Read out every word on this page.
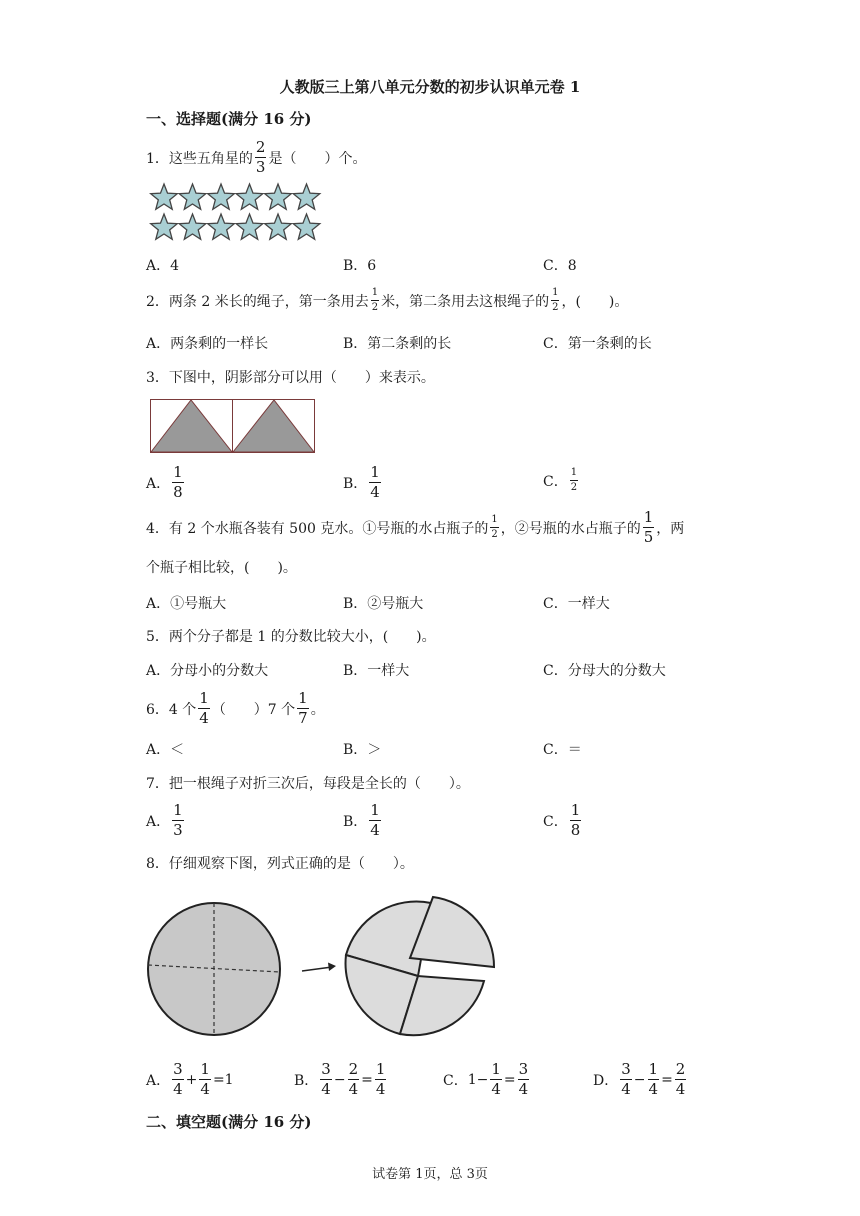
人教版三上第八单元分数的初步认识单元卷 1
一、选择题(满分 16 分)
1．这些五角星的 $\frac{2}{3}$ 是（　　）个。
A．4	B．6	C．8
2．两条 2 米长的绳子，第一条用去 $\frac{1}{2}$ 米，第二条用去这根绳子的 $\frac{1}{2}$ ，(　　)。
A．两条剩的一样长	B．第二条剩的长	C．第一条剩的长
3．下图中，阴影部分可以用（　　）来表示。
A． $\frac{1}{8}$	B． $\frac{1}{4}$	C． $\frac{1}{2}$
4．有 2 个水瓶各装有 500 克水。①号瓶的水占瓶子的 $\frac{1}{2}$ ，②号瓶的水占瓶子的 $\frac{1}{5}$ ，两
个瓶子相比较，(　　)。
A．①号瓶大	B．②号瓶大	C．一样大
5．两个分子都是 1 的分数比较大小，(　　)。
A．分母小的分数大	B．一样大	C．分母大的分数大
6．4 个 $\frac{1}{4}$ （　　）7 个 $\frac{1}{7}$ 。
A．＜	B．＞	C．＝
7．把一根绳子对折三次后，每段是全长的（　　）。
A． $\frac{1}{3}$	B． $\frac{1}{4}$	C． $\frac{1}{8}$
8．仔细观察下图，列式正确的是（　　）。
A． $\frac{3}{4} + \frac{1}{4} =1$	B． $\frac{3}{4} - \frac{2}{4} = \frac{1}{4}$	C． $1- \frac{1}{4} = \frac{3}{4}$	D． $\frac{3}{4} - \frac{1}{4} = \frac{2}{4}$
二、填空题(满分 16 分)
试卷第 1页，总 3页
